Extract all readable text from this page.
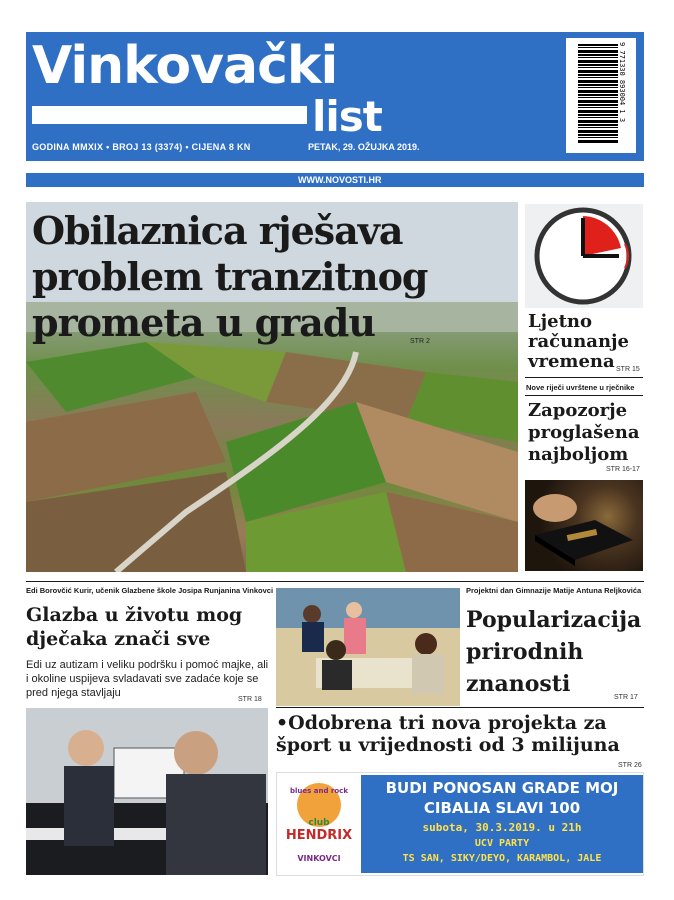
Vinkovački
list
GODINA MMXIX • BROJ 13 (3374) • CIJENA 8 KN	PETAK, 29. OŽUJKA 2019.
9 771330 893004 1 3
WWW.NOVOSTI.HR
Obilaznica rješava problem tranzitnog prometa u gradu	STR 2
Ljetno računanje vremena STR 15
Nove riječi uvrštene u rječnike
Zapozorje proglašena najboljom
STR 16-17
Edi Borovčić Kurir, učenik Glazbene škole Josipa Runjanina Vinkovci
Glazba u životu mog dječaka znači sve
Edi uz autizam i veliku podršku i pomoć majke, ali i okoline uspijeva svladavati sve zadaće koje se pred njega stavljaju
STR 18
Projektni dan Gimnazije Matije Antuna Reljkovića
Popularizacija prirodnih znanosti
STR 17
•Odobrena tri nova projekta za šport u vrijednosti od 3 milijuna
STR 26
blues and rock
club
HENDRIX
VINKOVCI
BUDI PONOSAN GRADE MOJ
CIBALIA SLAVI 100
subota, 30.3.2019. u 21h
UCV PARTY
TS SAN, SIKY/DEYO, KARAMBOL, JALE
